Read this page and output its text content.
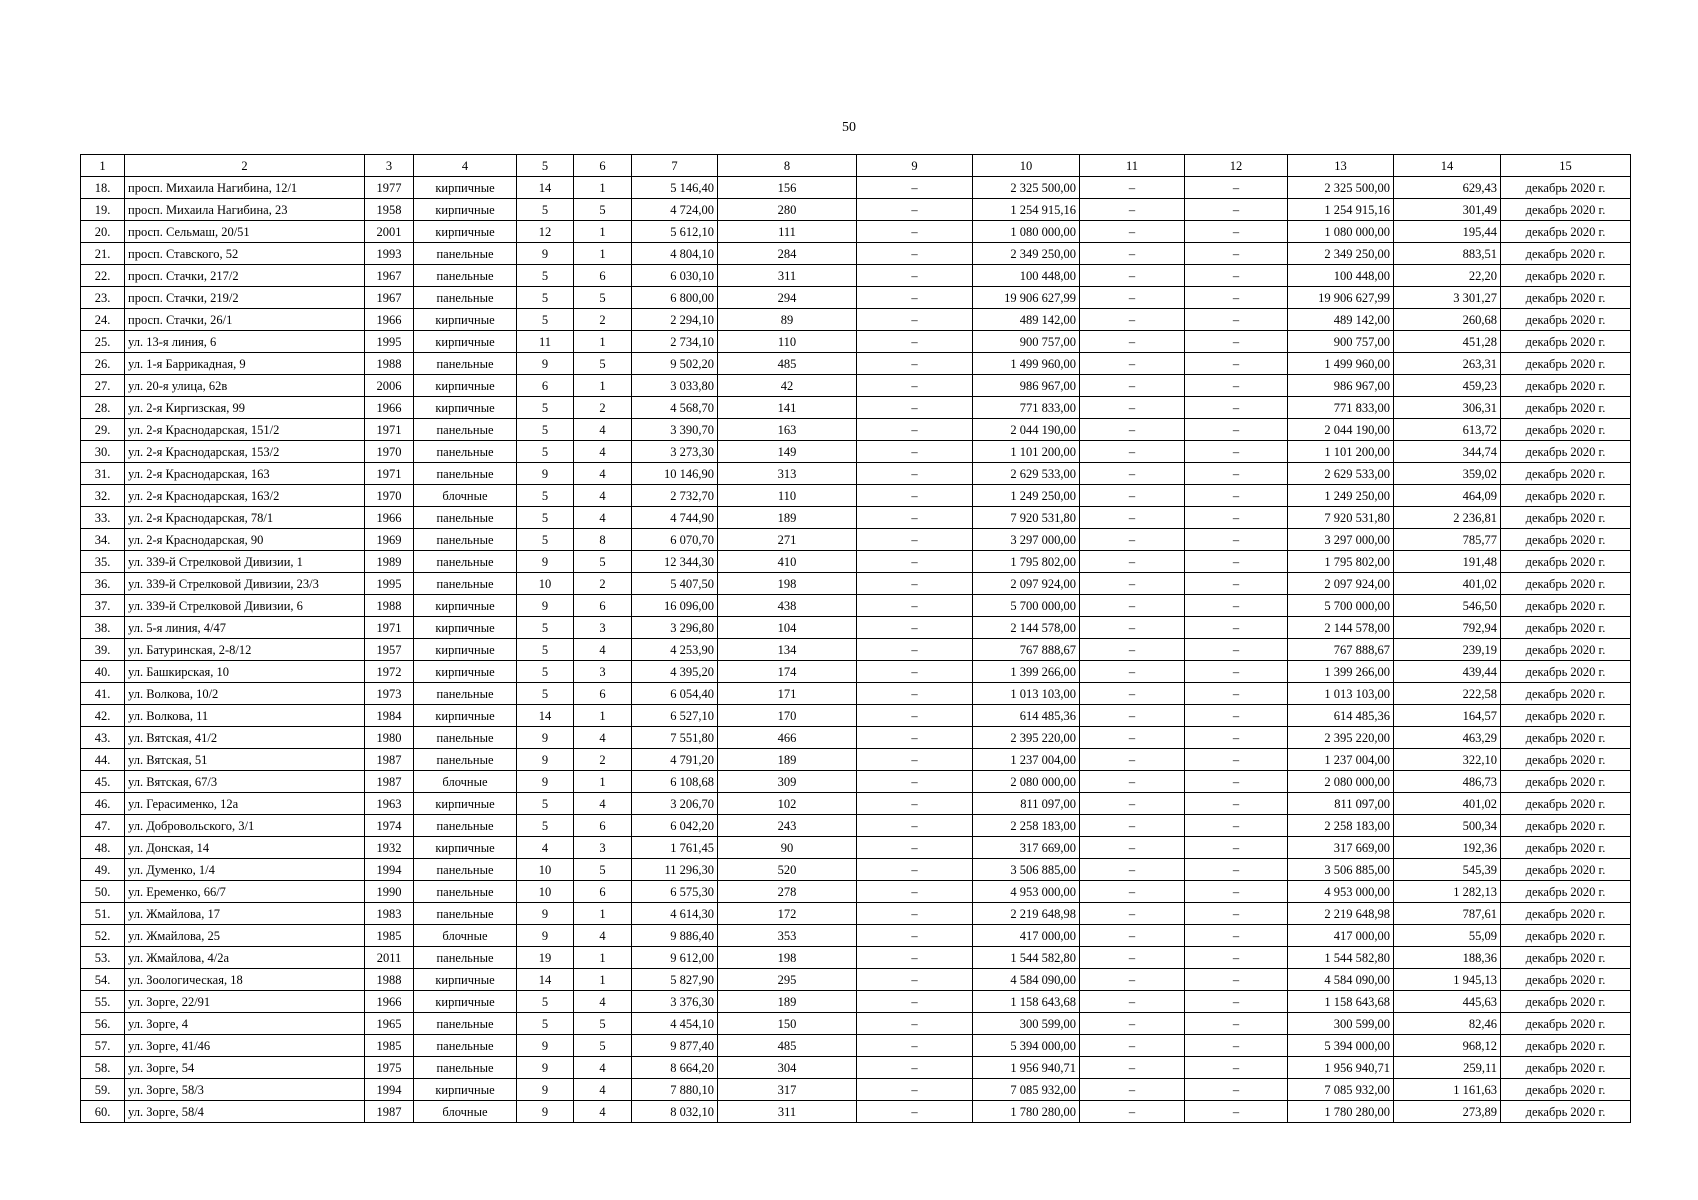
50
1	2	3	4	5	6	7	8	9	10	11	12	13	14	15
18.	просп. Михаила Нагибина, 12/1	1977	кирпичные	14	1	5 146,40	156	–	2 325 500,00	–	–	2 325 500,00	629,43	декабрь 2020 г.
19.	просп. Михаила Нагибина, 23	1958	кирпичные	5	5	4 724,00	280	–	1 254 915,16	–	–	1 254 915,16	301,49	декабрь 2020 г.
20.	просп. Сельмаш, 20/51	2001	кирпичные	12	1	5 612,10	111	–	1 080 000,00	–	–	1 080 000,00	195,44	декабрь 2020 г.
21.	просп. Ставского, 52	1993	панельные	9	1	4 804,10	284	–	2 349 250,00	–	–	2 349 250,00	883,51	декабрь 2020 г.
22.	просп. Стачки, 217/2	1967	панельные	5	6	6 030,10	311	–	100 448,00	–	–	100 448,00	22,20	декабрь 2020 г.
23.	просп. Стачки, 219/2	1967	панельные	5	5	6 800,00	294	–	19 906 627,99	–	–	19 906 627,99	3 301,27	декабрь 2020 г.
24.	просп. Стачки, 26/1	1966	кирпичные	5	2	2 294,10	89	–	489 142,00	–	–	489 142,00	260,68	декабрь 2020 г.
25.	ул. 13-я линия, 6	1995	кирпичные	11	1	2 734,10	110	–	900 757,00	–	–	900 757,00	451,28	декабрь 2020 г.
26.	ул. 1-я Баррикадная, 9	1988	панельные	9	5	9 502,20	485	–	1 499 960,00	–	–	1 499 960,00	263,31	декабрь 2020 г.
27.	ул. 20-я улица, 62в	2006	кирпичные	6	1	3 033,80	42	–	986 967,00	–	–	986 967,00	459,23	декабрь 2020 г.
28.	ул. 2-я Киргизская, 99	1966	кирпичные	5	2	4 568,70	141	–	771 833,00	–	–	771 833,00	306,31	декабрь 2020 г.
29.	ул. 2-я Краснодарская, 151/2	1971	панельные	5	4	3 390,70	163	–	2 044 190,00	–	–	2 044 190,00	613,72	декабрь 2020 г.
30.	ул. 2-я Краснодарская, 153/2	1970	панельные	5	4	3 273,30	149	–	1 101 200,00	–	–	1 101 200,00	344,74	декабрь 2020 г.
31.	ул. 2-я Краснодарская, 163	1971	панельные	9	4	10 146,90	313	–	2 629 533,00	–	–	2 629 533,00	359,02	декабрь 2020 г.
32.	ул. 2-я Краснодарская, 163/2	1970	блочные	5	4	2 732,70	110	–	1 249 250,00	–	–	1 249 250,00	464,09	декабрь 2020 г.
33.	ул. 2-я Краснодарская, 78/1	1966	панельные	5	4	4 744,90	189	–	7 920 531,80	–	–	7 920 531,80	2 236,81	декабрь 2020 г.
34.	ул. 2-я Краснодарская, 90	1969	панельные	5	8	6 070,70	271	–	3 297 000,00	–	–	3 297 000,00	785,77	декабрь 2020 г.
35.	ул. 339-й Стрелковой Дивизии, 1	1989	панельные	9	5	12 344,30	410	–	1 795 802,00	–	–	1 795 802,00	191,48	декабрь 2020 г.
36.	ул. 339-й Стрелковой Дивизии, 23/3	1995	панельные	10	2	5 407,50	198	–	2 097 924,00	–	–	2 097 924,00	401,02	декабрь 2020 г.
37.	ул. 339-й Стрелковой Дивизии, 6	1988	кирпичные	9	6	16 096,00	438	–	5 700 000,00	–	–	5 700 000,00	546,50	декабрь 2020 г.
38.	ул. 5-я линия, 4/47	1971	кирпичные	5	3	3 296,80	104	–	2 144 578,00	–	–	2 144 578,00	792,94	декабрь 2020 г.
39.	ул. Батуринская, 2-8/12	1957	кирпичные	5	4	4 253,90	134	–	767 888,67	–	–	767 888,67	239,19	декабрь 2020 г.
40.	ул. Башкирская, 10	1972	кирпичные	5	3	4 395,20	174	–	1 399 266,00	–	–	1 399 266,00	439,44	декабрь 2020 г.
41.	ул. Волкова, 10/2	1973	панельные	5	6	6 054,40	171	–	1 013 103,00	–	–	1 013 103,00	222,58	декабрь 2020 г.
42.	ул. Волкова, 11	1984	кирпичные	14	1	6 527,10	170	–	614 485,36	–	–	614 485,36	164,57	декабрь 2020 г.
43.	ул. Вятская, 41/2	1980	панельные	9	4	7 551,80	466	–	2 395 220,00	–	–	2 395 220,00	463,29	декабрь 2020 г.
44.	ул. Вятская, 51	1987	панельные	9	2	4 791,20	189	–	1 237 004,00	–	–	1 237 004,00	322,10	декабрь 2020 г.
45.	ул. Вятская, 67/3	1987	блочные	9	1	6 108,68	309	–	2 080 000,00	–	–	2 080 000,00	486,73	декабрь 2020 г.
46.	ул. Герасименко, 12а	1963	кирпичные	5	4	3 206,70	102	–	811 097,00	–	–	811 097,00	401,02	декабрь 2020 г.
47.	ул. Добровольского, 3/1	1974	панельные	5	6	6 042,20	243	–	2 258 183,00	–	–	2 258 183,00	500,34	декабрь 2020 г.
48.	ул. Донская, 14	1932	кирпичные	4	3	1 761,45	90	–	317 669,00	–	–	317 669,00	192,36	декабрь 2020 г.
49.	ул. Думенко, 1/4	1994	панельные	10	5	11 296,30	520	–	3 506 885,00	–	–	3 506 885,00	545,39	декабрь 2020 г.
50.	ул. Еременко, 66/7	1990	панельные	10	6	6 575,30	278	–	4 953 000,00	–	–	4 953 000,00	1 282,13	декабрь 2020 г.
51.	ул. Жмайлова, 17	1983	панельные	9	1	4 614,30	172	–	2 219 648,98	–	–	2 219 648,98	787,61	декабрь 2020 г.
52.	ул. Жмайлова, 25	1985	блочные	9	4	9 886,40	353	–	417 000,00	–	–	417 000,00	55,09	декабрь 2020 г.
53.	ул. Жмайлова, 4/2а	2011	панельные	19	1	9 612,00	198	–	1 544 582,80	–	–	1 544 582,80	188,36	декабрь 2020 г.
54.	ул. Зоологическая, 18	1988	кирпичные	14	1	5 827,90	295	–	4 584 090,00	–	–	4 584 090,00	1 945,13	декабрь 2020 г.
55.	ул. Зорге, 22/91	1966	кирпичные	5	4	3 376,30	189	–	1 158 643,68	–	–	1 158 643,68	445,63	декабрь 2020 г.
56.	ул. Зорге, 4	1965	панельные	5	5	4 454,10	150	–	300 599,00	–	–	300 599,00	82,46	декабрь 2020 г.
57.	ул. Зорге, 41/46	1985	панельные	9	5	9 877,40	485	–	5 394 000,00	–	–	5 394 000,00	968,12	декабрь 2020 г.
58.	ул. Зорге, 54	1975	панельные	9	4	8 664,20	304	–	1 956 940,71	–	–	1 956 940,71	259,11	декабрь 2020 г.
59.	ул. Зорге, 58/3	1994	кирпичные	9	4	7 880,10	317	–	7 085 932,00	–	–	7 085 932,00	1 161,63	декабрь 2020 г.
60.	ул. Зорге, 58/4	1987	блочные	9	4	8 032,10	311	–	1 780 280,00	–	–	1 780 280,00	273,89	декабрь 2020 г.
